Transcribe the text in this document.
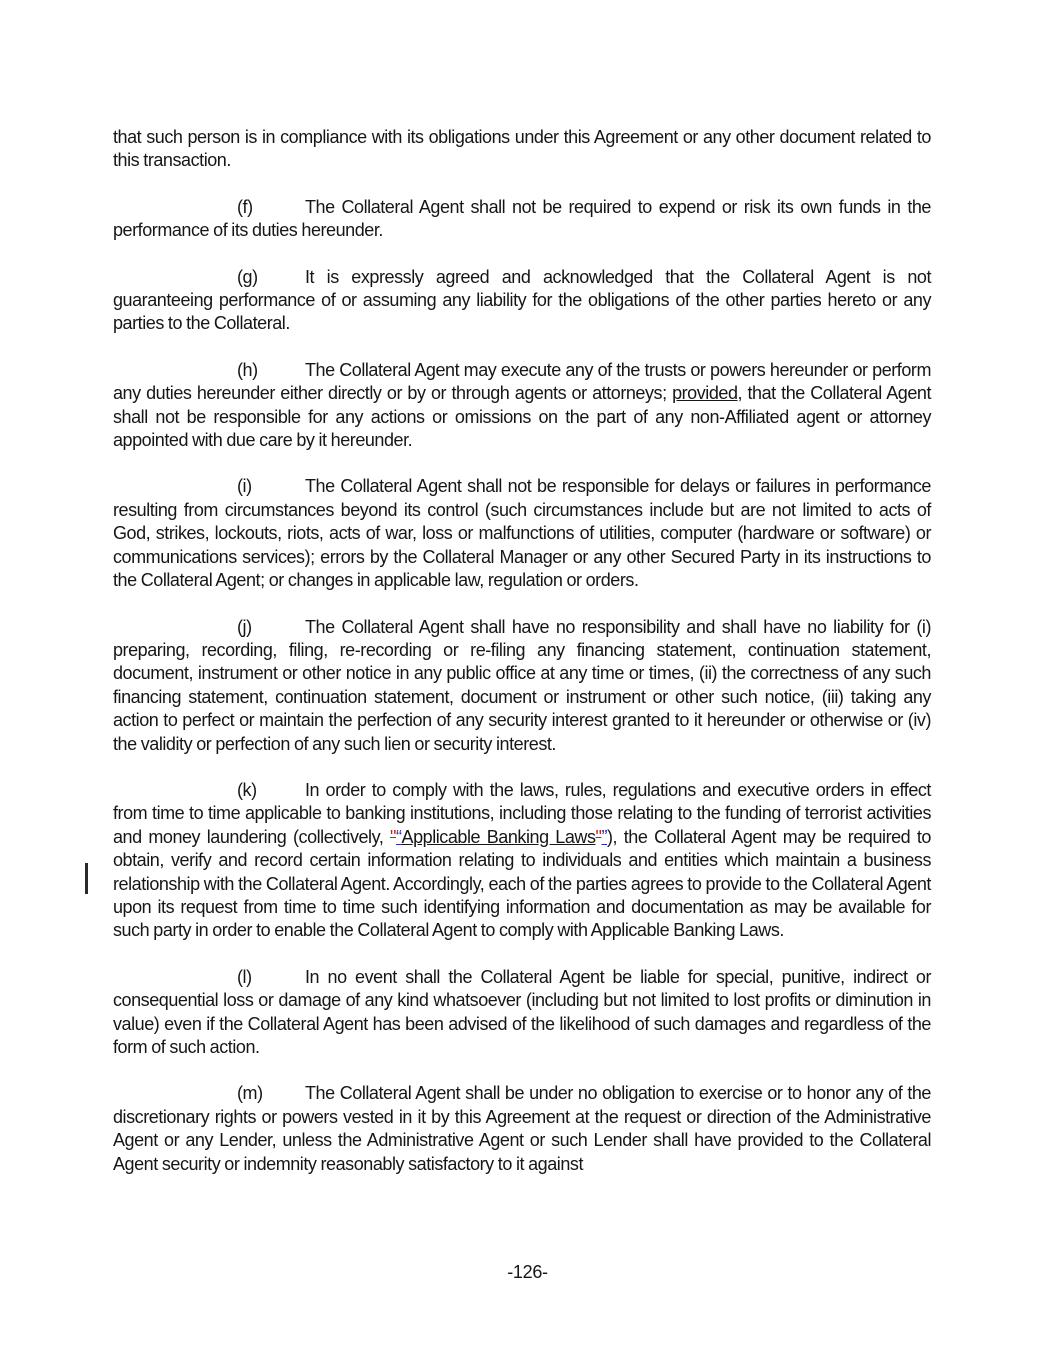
that such person is in compliance with its obligations under this Agreement or any other document related to this transaction.

(f)	The Collateral Agent shall not be required to expend or risk its own funds in the performance of its duties hereunder.

(g)	It is expressly agreed and acknowledged that the Collateral Agent is not guaranteeing performance of or assuming any liability for the obligations of the other parties hereto or any parties to the Collateral.

(h)	The Collateral Agent may execute any of the trusts or powers hereunder or perform any duties hereunder either directly or by or through agents or attorneys; provided, that the Collateral Agent shall not be responsible for any actions or omissions on the part of any non-Affiliated agent or attorney appointed with due care by it hereunder.

(i)	The Collateral Agent shall not be responsible for delays or failures in performance resulting from circumstances beyond its control (such circumstances include but are not limited to acts of God, strikes, lockouts, riots, acts of war, loss or malfunctions of utilities, computer (hardware or software) or communications services); errors by the Collateral Manager or any other Secured Party in its instructions to the Collateral Agent; or changes in applicable law, regulation or orders.

(j)	The Collateral Agent shall have no responsibility and shall have no liability for (i) preparing, recording, filing, re-recording or re-filing any financing statement, continuation statement, document, instrument or other notice in any public office at any time or times, (ii) the correctness of any such financing statement, continuation statement, document or instrument or other such notice, (iii) taking any action to perfect or maintain the perfection of any security interest granted to it hereunder or otherwise or (iv) the validity or perfection of any such lien or security interest.

(k)	In order to comply with the laws, rules, regulations and executive orders in effect from time to time applicable to banking institutions, including those relating to the funding of terrorist activities and money laundering (collectively, "“Applicable Banking Laws"”), the Collateral Agent may be required to obtain, verify and record certain information relating to individuals and entities which maintain a business relationship with the Collateral Agent. Accordingly, each of the parties agrees to provide to the Collateral Agent upon its request from time to time such identifying information and documentation as may be available for such party in order to enable the Collateral Agent to comply with Applicable Banking Laws.

(l)	In no event shall the Collateral Agent be liable for special, punitive, indirect or consequential loss or damage of any kind whatsoever (including but not limited to lost profits or diminution in value) even if the Collateral Agent has been advised of the likelihood of such damages and regardless of the form of such action.

(m) The Collateral Agent shall be under no obligation to exercise or to honor any of the discretionary rights or powers vested in it by this Agreement at the request or direction of the Administrative Agent or any Lender, unless the Administrative Agent or such Lender shall have provided to the Collateral Agent security or indemnity reasonably satisfactory to it against

-126-
